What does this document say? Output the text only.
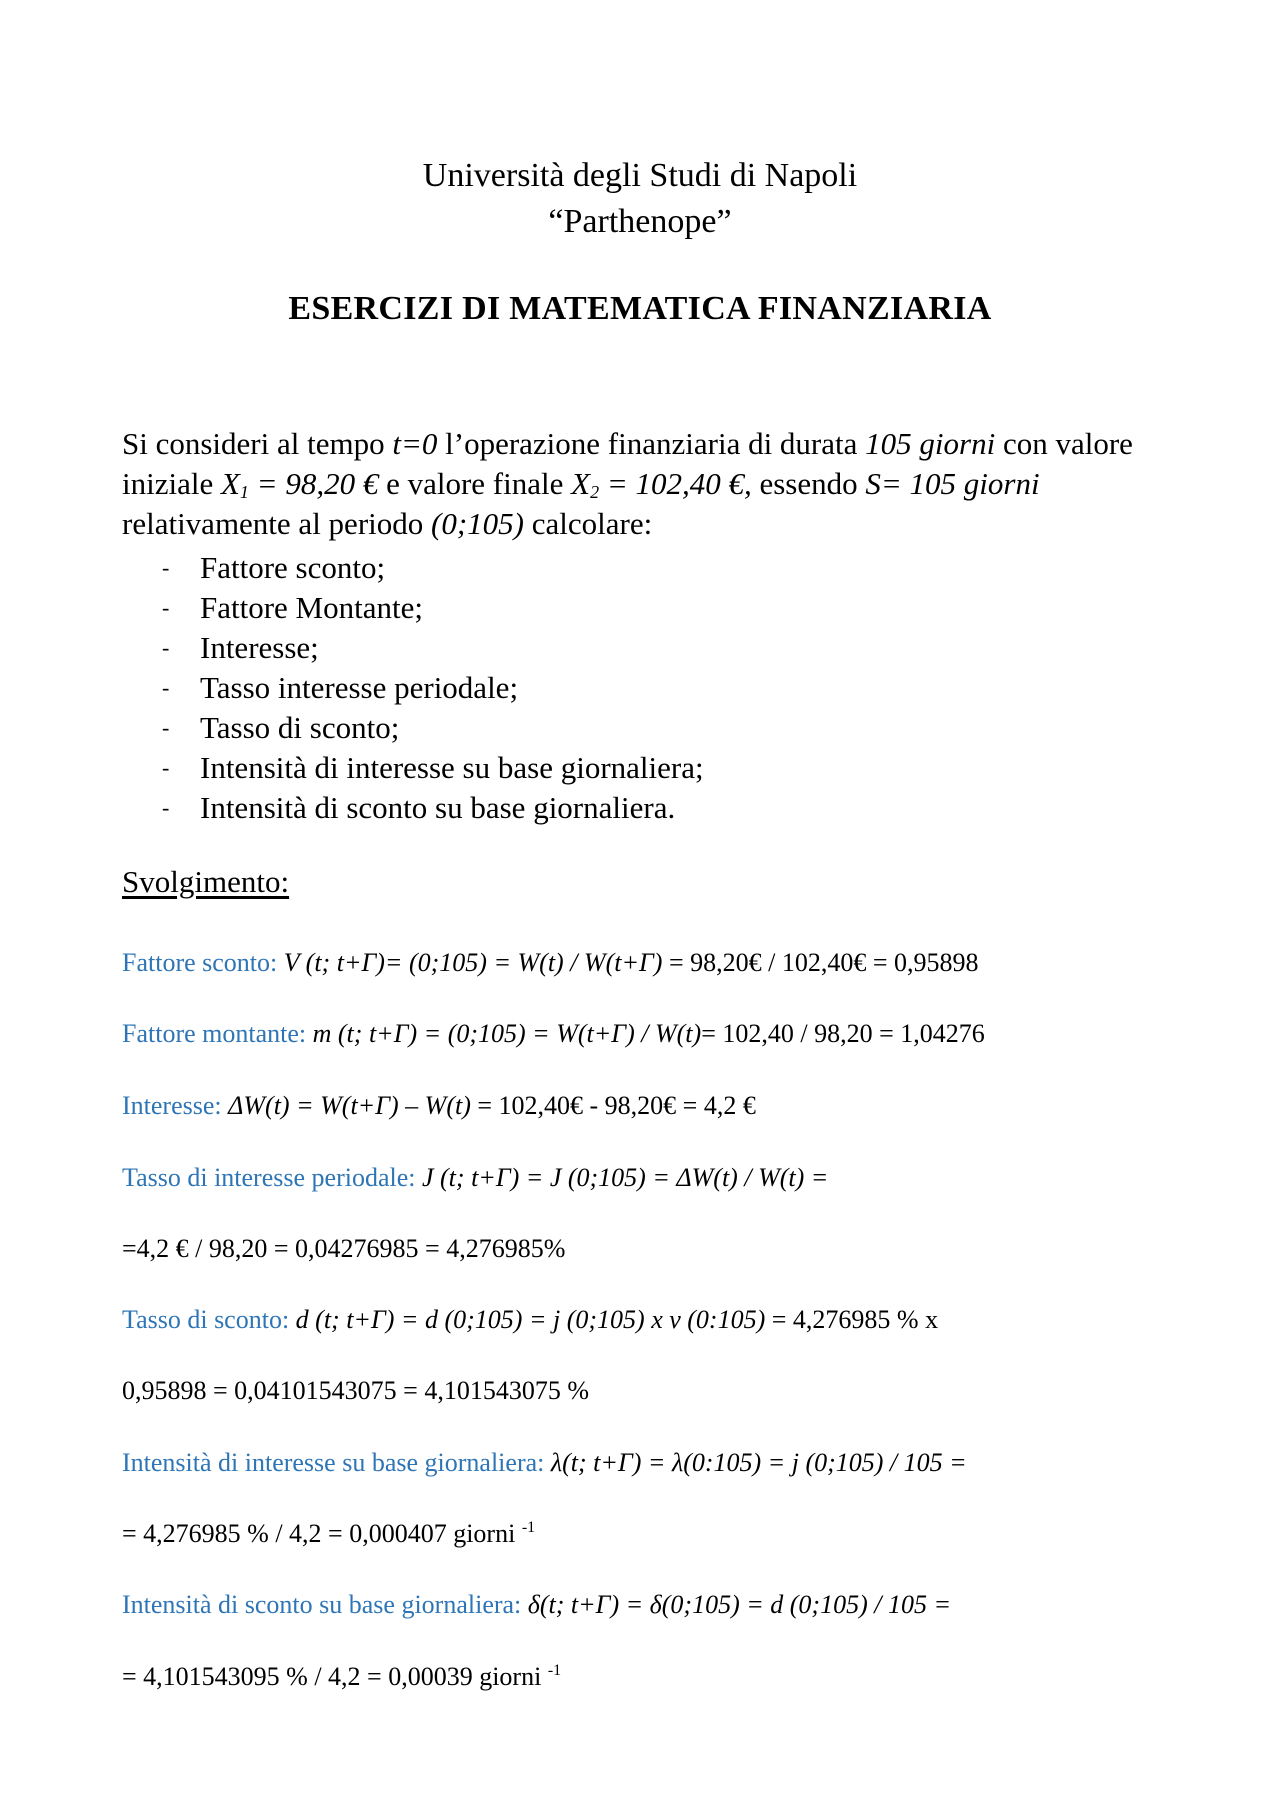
Università degli Studi di Napoli
“Parthenope”
ESERCIZI DI MATEMATICA FINANZIARIA
Si consideri al tempo t=0 l’operazione finanziaria di durata 105 giorni con valore iniziale $X_1 = 98,20$ € e valore finale $X_2 = 102,40$ €, essendo S= 105 giorni relativamente al periodo (0;105) calcolare:
- Fattore sconto;
- Fattore Montante;
- Interesse;
- Tasso interesse periodale;
- Tasso di sconto;
- Intensità di interesse su base giornaliera;
- Intensità di sconto su base giornaliera.
Svolgimento:
Fattore sconto: V (t; t+Γ)= (0;105) = W(t) / W(t+Γ) = 98,20€ / 102,40€ = 0,95898
Fattore montante: m (t; t+Γ) = (0;105) = W(t+Γ) / W(t)= 102,40 / 98,20 = 1,04276
Interesse: ΔW(t) = W(t+Γ) – W(t) = 102,40€ - 98,20€ = 4,2 €
Tasso di interesse periodale: J (t; t+Γ) = J (0;105) = ΔW(t) / W(t) =
=4,2 € / 98,20 = 0,04276985 = 4,276985%
Tasso di sconto: d (t; t+Γ) = d (0;105) = j (0;105) x v (0:105) = 4,276985 % x
0,95898 = 0,04101543075 = 4,101543075 %
Intensità di interesse su base giornaliera: λ(t; t+Γ) = λ(0:105) = j (0;105) / 105 =
= 4,276985 % / 4,2 = 0,000407 giorni $^{-1}$
Intensità di sconto su base giornaliera: δ(t; t+Γ) = δ(0;105) = d (0;105) / 105 =
= 4,101543095 % / 4,2 = 0,00039 giorni $^{-1}$
